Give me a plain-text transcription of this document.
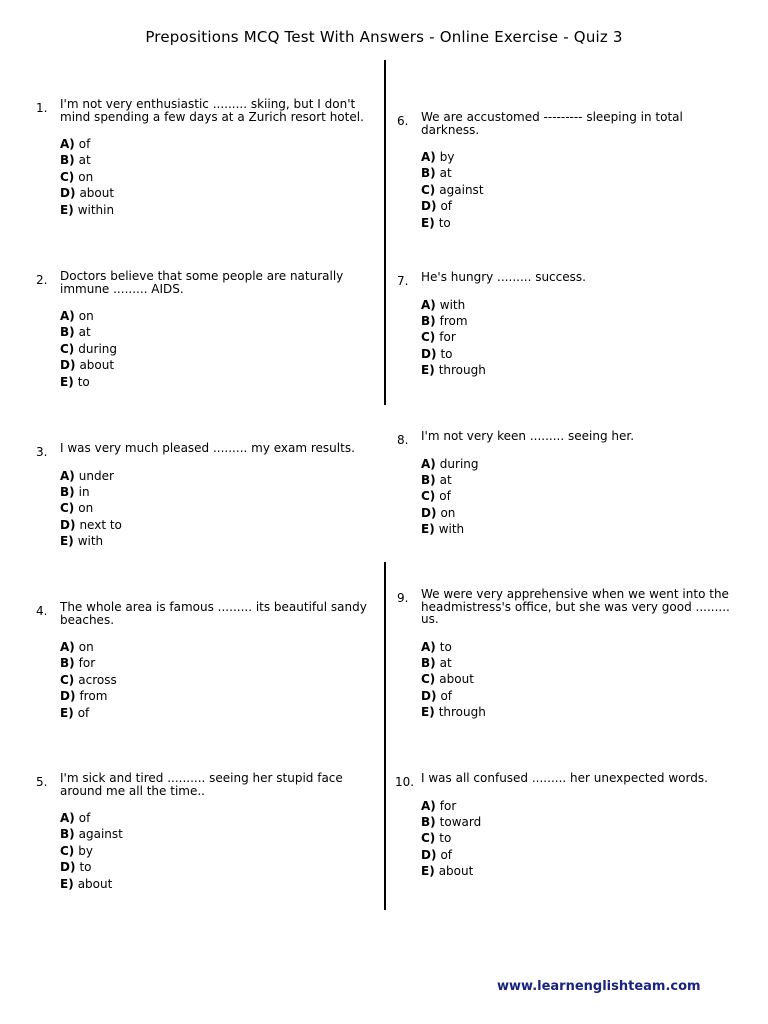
Prepositions MCQ Test With Answers - Online Exercise - Quiz 3
1. I'm not very enthusiastic ......... skiing, but I don't mind spending a few days at a Zurich resort hotel.
A) of
B) at
C) on
D) about
E) within
2. Doctors believe that some people are naturally immune ......... AIDS.
A) on
B) at
C) during
D) about
E) to
3. I was very much pleased ......... my exam results.
A) under
B) in
C) on
D) next to
E) with
4. The whole area is famous ......... its beautiful sandy beaches.
A) on
B) for
C) across
D) from
E) of
5. I'm sick and tired .......... seeing her stupid face around me all the time..
A) of
B) against
C) by
D) to
E) about
6. We are accustomed --------- sleeping in total darkness.
A) by
B) at
C) against
D) of
E) to
7. He's hungry ......... success.
A) with
B) from
C) for
D) to
E) through
8. I'm not very keen ......... seeing her.
A) during
B) at
C) of
D) on
E) with
9. We were very apprehensive when we went into the headmistress's office, but she was very good ......... us.
A) to
B) at
C) about
D) of
E) through
10. I was all confused ......... her unexpected words.
A) for
B) toward
C) to
D) of
E) about
www.learnenglishteam.com
